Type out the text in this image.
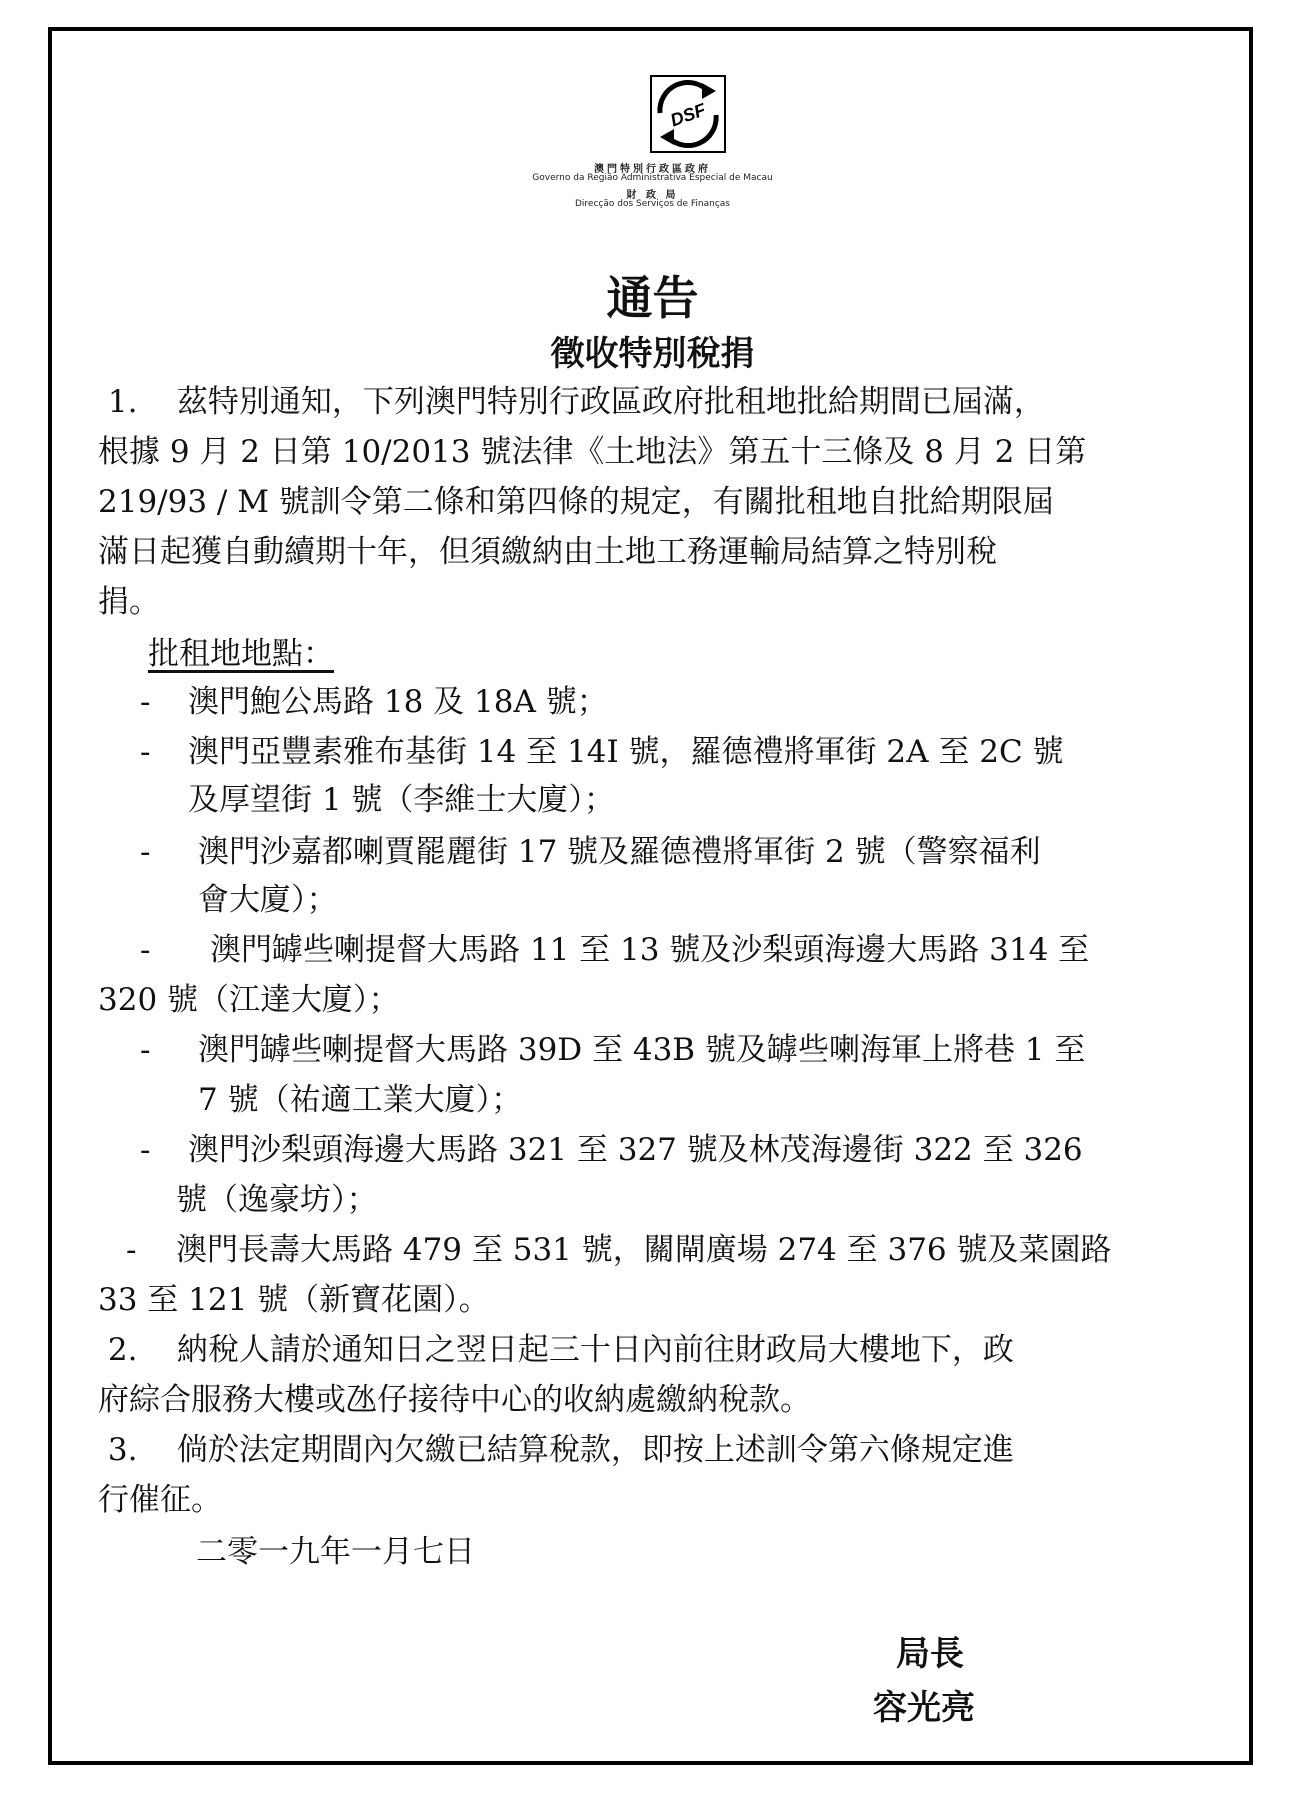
DSF
澳門特別行政區政府
Governo da Região Administrativa Especial de Macau
財 政 局
Direcção dos Serviços de Finanças
通告
徵收特別稅捐
1.    茲特別通知，下列澳門特別行政區政府批租地批給期間已屆滿，
根據 9 月 2 日第 10/2013 號法律《土地法》第五十三條及 8 月 2 日第
219/93 / M 號訓令第二條和第四條的規定，有關批租地自批給期限屆
滿日起獲自動續期十年，但須繳納由土地工務運輸局結算之特別稅
捐。
批租地地點：
- 澳門鮑公馬路 18 及 18A 號；
- 澳門亞豐素雅布基街 14 至 14I 號，羅德禮將軍街 2A 至 2C 號
及厚望街 1 號（李維士大廈）；
- 澳門沙嘉都喇賈罷麗街 17 號及羅德禮將軍街 2 號（警察福利
會大廈）；
- 澳門罅些喇提督大馬路 11 至 13 號及沙梨頭海邊大馬路 314 至
320 號（江達大廈）；
- 澳門罅些喇提督大馬路 39D 至 43B 號及罅些喇海軍上將巷 1 至
7 號（祐適工業大廈）；
- 澳門沙梨頭海邊大馬路 321 至 327 號及林茂海邊街 322 至 326
號（逸豪坊）；
- 澳門長壽大馬路 479 至 531 號，關閘廣場 274 至 376 號及菜園路
33 至 121 號（新寶花園）。
2.    納稅人請於通知日之翌日起三十日內前往財政局大樓地下，政
府綜合服務大樓或氹仔接待中心的收納處繳納稅款。
3.    倘於法定期間內欠繳已結算稅款，即按上述訓令第六條規定進
行催征。
二零一九年一月七日
局長
容光亮
